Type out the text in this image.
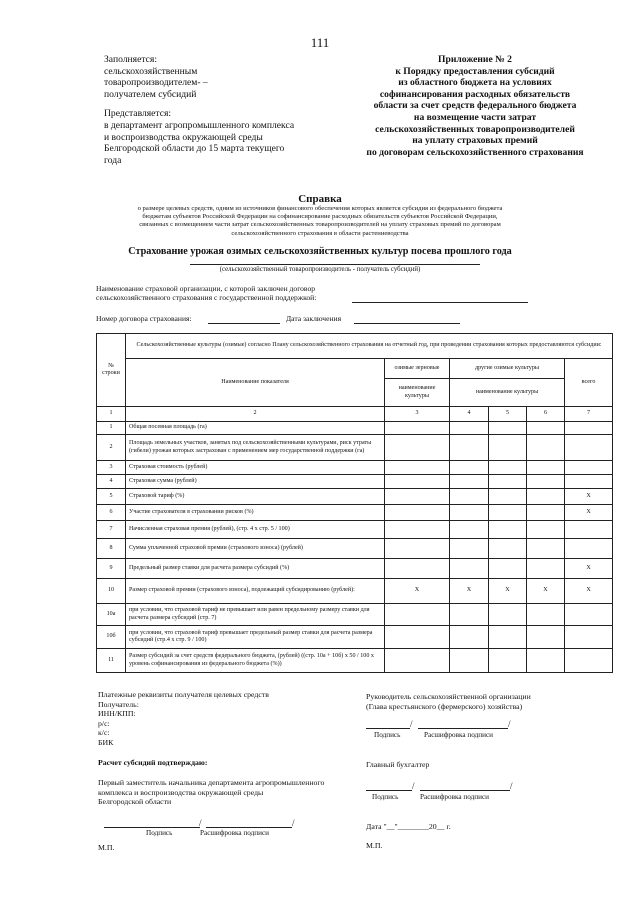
111
Заполняется:
сельскохозяйственным
товаропроизводителем- –
получателем субсидий
Представляется:
в департамент агропромышленного комплекса
и воспроизводства окружающей среды
Белгородской области до 15 марта текущего
года
Приложение № 2
к Порядку предоставления субсидий
из областного бюджета на условиях
софинансирования расходных обязательств
области за счет средств федерального бюджета
на возмещение части затрат
сельскохозяйственных товаропроизводителей
на уплату страховых премий
по договорам сельскохозяйственного страхования
Справка
о размере целевых средств, одним из источников финансового обеспечения которых является субсидия из федерального бюджета
бюджетам субъектов Российской Федерации на софинансирование расходных обязательств субъектов Российской Федерации,
связанных с возмещением части затрат сельскохозяйственных товаропроизводителей на уплату страховых премий по договорам
сельскохозяйственного страхования в области растениеводства
Страхование урожая озимых сельскохозяйственных культур посева прошлого года
(сельскохозяйственный товаропроизводитель - получатель субсидий)
Наименование страховой организации, с которой заключен договор
сельскохозяйственного страхования с государственной поддержкой:
Номер договора страхования:	Дата заключения
№ строки	Сельскохозяйственные культуры (озимые) согласно Плану сельскохозяйственного страхования на отчетный год, при проведении страхования которых предоставляются субсидии:					
	Наименование показателя	озимые зерновые	другие озимые культуры			всего
		наименование культуры	наименование культуры			
1	2	3	4	5	6	7
1	Общая посевная площадь (га)					
2	Площадь земельных участков, занятых под сельскохозяйственными культурами, риск утраты (гибели) урожая которых застрахован с применением мер государственной поддержки (га)					
3	Страховая стоимость (рублей)					
4	Страховая сумма (рублей)					
5	Страховой тариф (%)					X
6	Участие страхователя в страховании рисков (%)					X
7	Начисленная страховая премия (рублей), (стр. 4 х стр. 5 / 100)					
8	Сумма уплаченной страховой премии (страхового взноса) (рублей)					
9	Предельный размер ставки для расчета размера субсидий (%)					X
10	Размер страховой премии (страхового взноса), подлежащий субсидированию (рублей):	X	X	X	X	X
10а	при условии, что страховой тариф не превышает или равен предельному размеру ставки для расчета размера субсидий (стр. 7)					
10б	при условии, что страховой тариф превышает предельный размер ставки для расчета размера субсидий (стр.4 х стр. 9 / 100)					
11	Размер субсидий за счет средств федерального бюджета, (рублей) ((стр. 10а + 10б) х 50 / 100 х уровень софинансирования из федерального бюджета (%))					
Платежные реквизиты получателя целевых средств
Получатель:
ИНН/КПП:
р/с:
к/с:
БИК
Руководитель сельскохозяйственной организации
(Глава крестьянского (фермерского) хозяйства)
/	/
Подпись	Расшифровка подписи
Расчет субсидий подтверждаю:
Первый заместитель начальника департамента агропромышленного
комплекса и воспроизводства окружающей среды
Белгородской области
/	/
Подпись	Расшифровка подписи
М.П.
Главный бухгалтер
/	/
Подпись	Расшифровка подписи
Дата "__"________20__ г.
М.П.
